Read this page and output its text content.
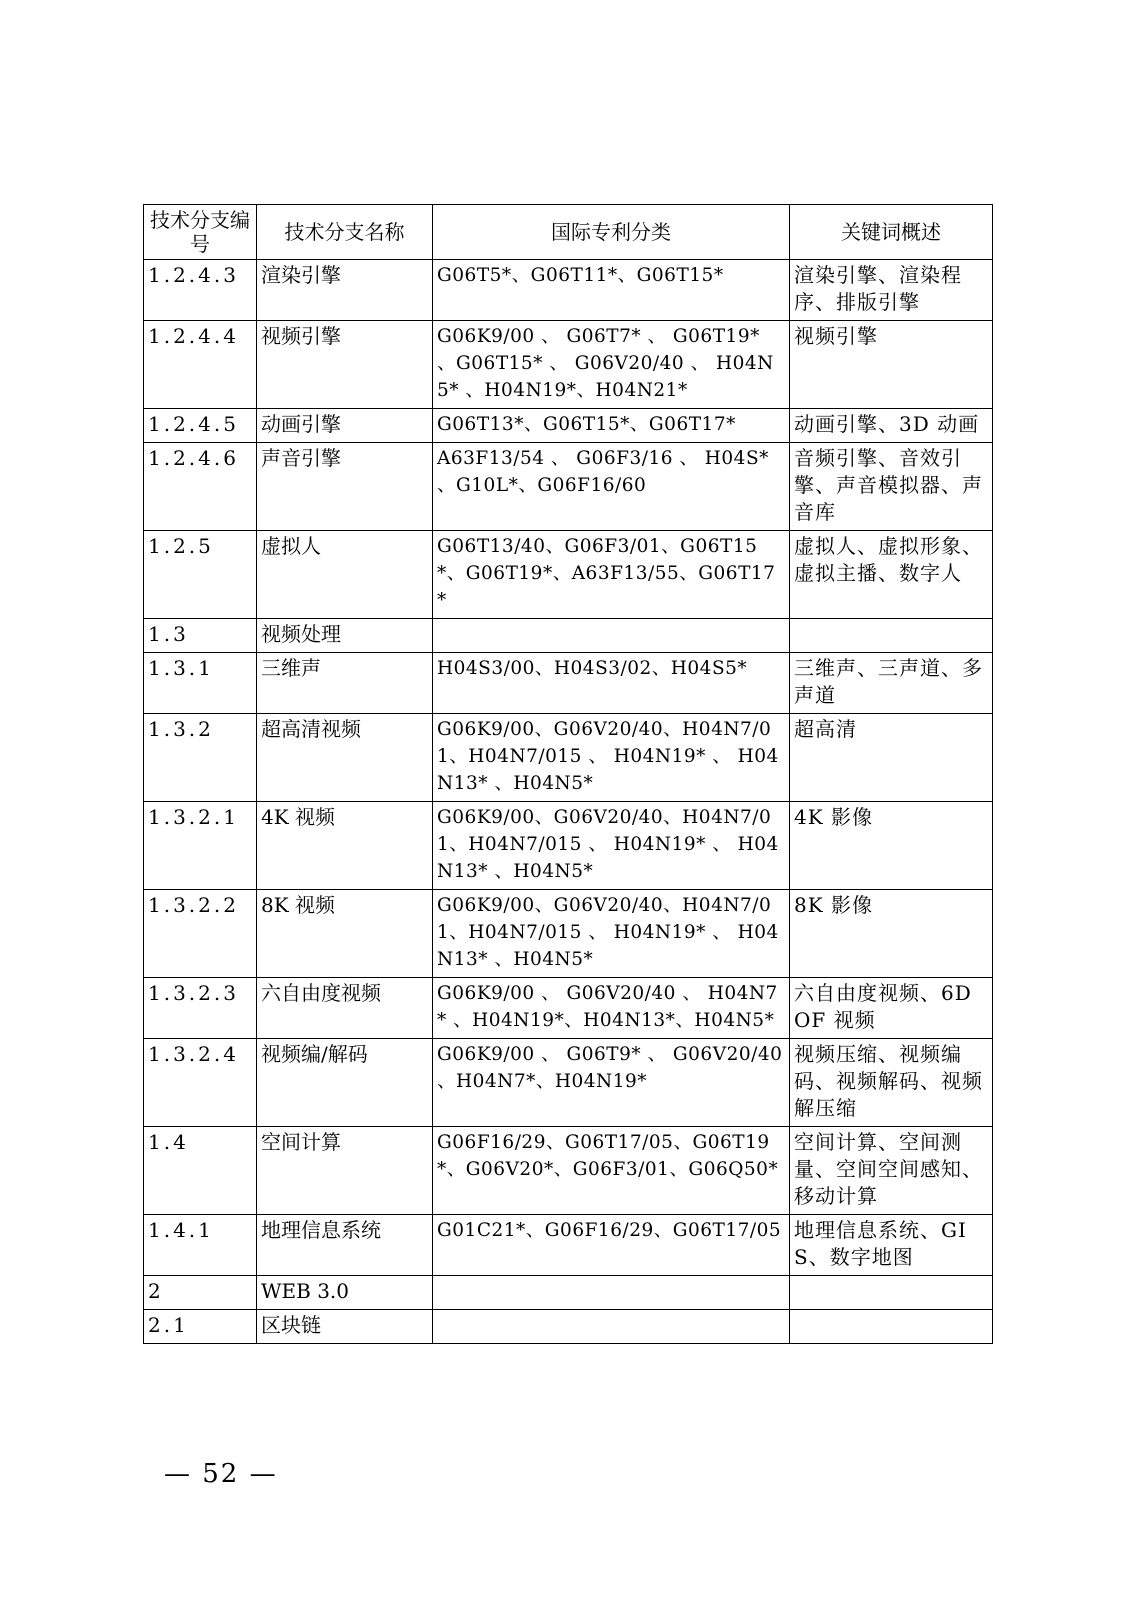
技术分支编号	技术分支名称	国际专利分类	关键词概述
1.2.4.3	渲染引擎	G06T5*、G06T11*、G06T15*	渲染引擎、渲染程序、排版引擎
1.2.4.4	视频引擎	G06K9/00 、 G06T7* 、 G06T19* 、G06T15* 、 G06V20/40 、 H04N5* 、H04N19*、H04N21*	视频引擎
1.2.4.5	动画引擎	G06T13*、G06T15*、G06T17*	动画引擎、3D 动画
1.2.4.6	声音引擎	A63F13/54 、 G06F3/16 、 H04S* 、G10L*、G06F16/60	音频引擎、音效引擎、声音模拟器、声音库
1.2.5	虚拟人	G06T13/40、G06F3/01、G06T15*、G06T19*、A63F13/55、G06T17*	虚拟人、虚拟形象、虚拟主播、数字人
1.3	视频处理		
1.3.1	三维声	H04S3/00、H04S3/02、H04S5*	三维声、三声道、多声道
1.3.2	超高清视频	G06K9/00、G06V20/40、H04N7/01、H04N7/015 、 H04N19* 、 H04N13* 、H04N5*	超高清
1.3.2.1	4K 视频	G06K9/00、G06V20/40、H04N7/01、H04N7/015 、 H04N19* 、 H04N13* 、H04N5*	4K 影像
1.3.2.2	8K 视频	G06K9/00、G06V20/40、H04N7/01、H04N7/015 、 H04N19* 、 H04N13* 、H04N5*	8K 影像
1.3.2.3	六自由度视频	G06K9/00 、 G06V20/40 、 H04N7* 、H04N19*、H04N13*、H04N5*	六自由度视频、6DOF 视频
1.3.2.4	视频编/解码	G06K9/00 、 G06T9* 、 G06V20/40 、H04N7*、H04N19*	视频压缩、视频编码、视频解码、视频解压缩
1.4	空间计算	G06F16/29、G06T17/05、G06T19*、G06V20*、G06F3/01、G06Q50*	空间计算、空间测量、空间空间感知、移动计算
1.4.1	地理信息系统	G01C21*、G06F16/29、G06T17/05	地理信息系统、GIS、数字地图
2	WEB 3.0		
2.1	区块链		
— 52 —
